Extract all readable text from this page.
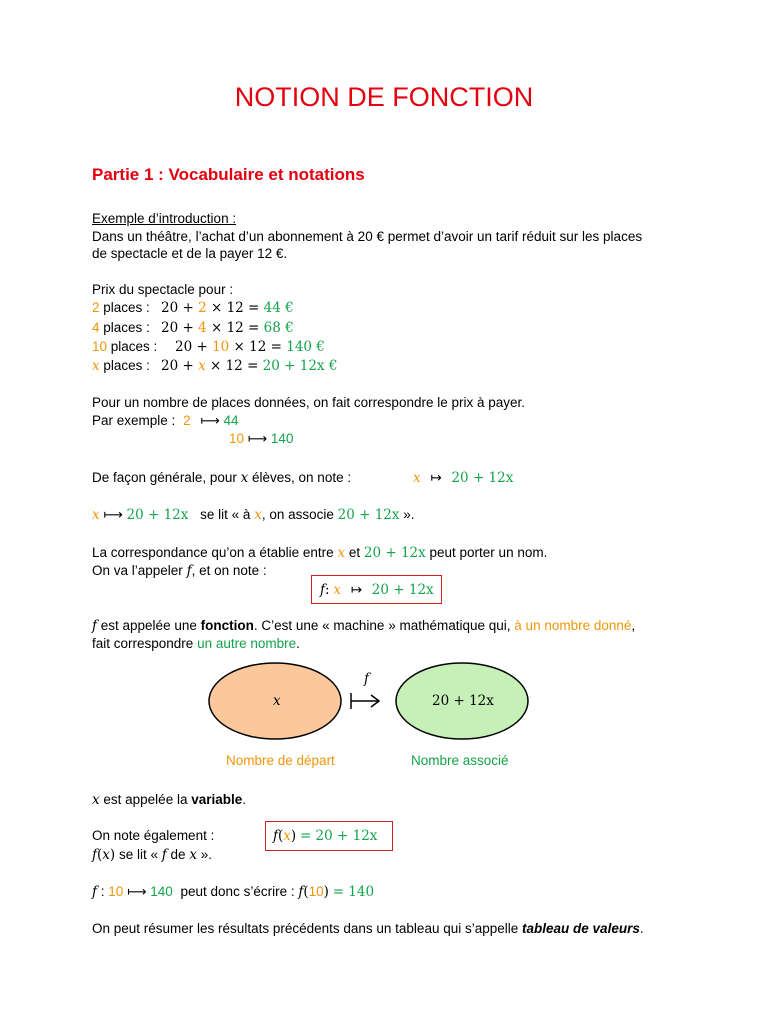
NOTION DE FONCTION
Partie 1 : Vocabulaire et notations
Exemple d’introduction :
Dans un théâtre, l’achat d’un abonnement à 20 € permet d’avoir un tarif réduit sur les places
de spectacle et de la payer 12 €.
Prix du spectacle pour :
2 places : 20 + 2 × 12 = 44 €
4 places : 20 + 4 × 12 = 68 €
10 places : 20 + 10 × 12 = 140 €
x places : 20 + x × 12 = 20 + 12x €
Pour un nombre de places données, on fait correspondre le prix à payer.
Par exemple : 2 ⟼ 44
10 ⟼ 140
De façon générale, pour x élèves, on note :	x ↦ 20 + 12x
x ⟼ 20 + 12x se lit « à x, on associe 20 + 12x ».
La correspondance qu’on a établie entre x et 20 + 12x peut porter un nom.
On va l’appeler f, et on note :
f: x ↦ 20 + 12x
f est appelée une fonction. C’est une « machine » mathématique qui, à un nombre donné,
fait correspondre un autre nombre.
x	20 + 12x
f
Nombre de départ	Nombre associé
x est appelée la variable.
On note également :	f(x) = 20 + 12x
f(x) se lit « f de x ».
f : 10 ⟼ 140 peut donc s’écrire : f(10) = 140
On peut résumer les résultats précédents dans un tableau qui s’appelle tableau de valeurs.
